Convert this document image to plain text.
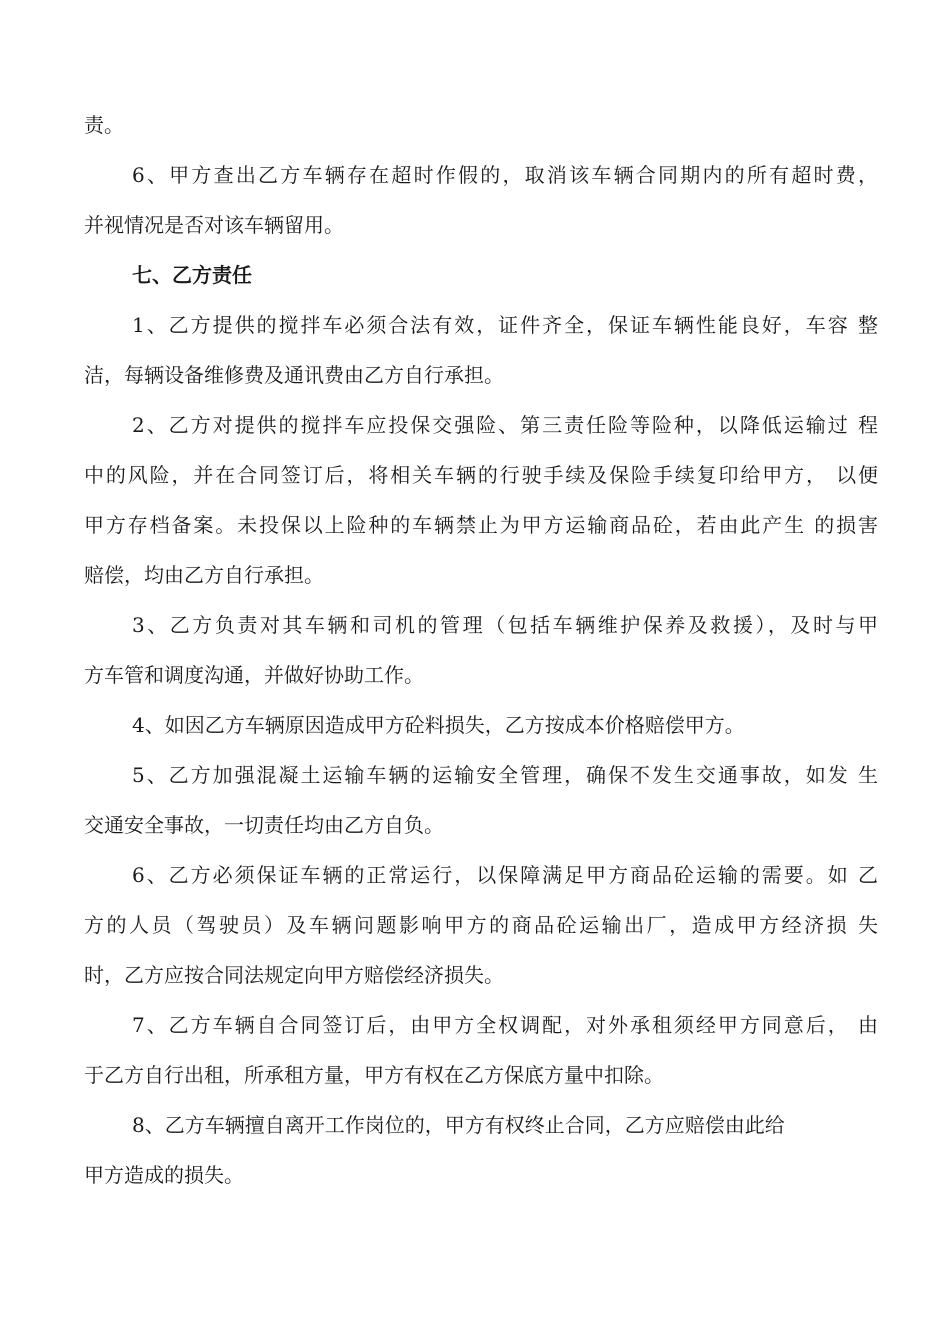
责。
6、甲方查出乙方车辆存在超时作假的，取消该车辆合同期内的所有超时费，
并视情况是否对该车辆留用。
七、乙方责任
1、乙方提供的搅拌车必须合法有效，证件齐全，保证车辆性能良好，车容 整
洁，每辆设备维修费及通讯费由乙方自行承担。
2、乙方对提供的搅拌车应投保交强险、第三责任险等险种，以降低运输过 程
中的风险，并在合同签订后，将相关车辆的行驶手续及保险手续复印给甲方， 以便
甲方存档备案。未投保以上险种的车辆禁止为甲方运输商品砼，若由此产生 的损害
赔偿，均由乙方自行承担。
3、乙方负责对其车辆和司机的管理（包括车辆维护保养及救援），及时与甲
方车管和调度沟通，并做好协助工作。
4、如因乙方车辆原因造成甲方砼料损失，乙方按成本价格赔偿甲方。
5、乙方加强混凝土运输车辆的运输安全管理，确保不发生交通事故，如发 生
交通安全事故，一切责任均由乙方自负。
6、乙方必须保证车辆的正常运行，以保障满足甲方商品砼运输的需要。如 乙
方的人员（驾驶员）及车辆问题影响甲方的商品砼运输出厂，造成甲方经济损 失
时，乙方应按合同法规定向甲方赔偿经济损失。
7、乙方车辆自合同签订后，由甲方全权调配，对外承租须经甲方同意后， 由
于乙方自行出租，所承租方量，甲方有权在乙方保底方量中扣除。
8、乙方车辆擅自离开工作岗位的，甲方有权终止合同，乙方应赔偿由此给
甲方造成的损失。
